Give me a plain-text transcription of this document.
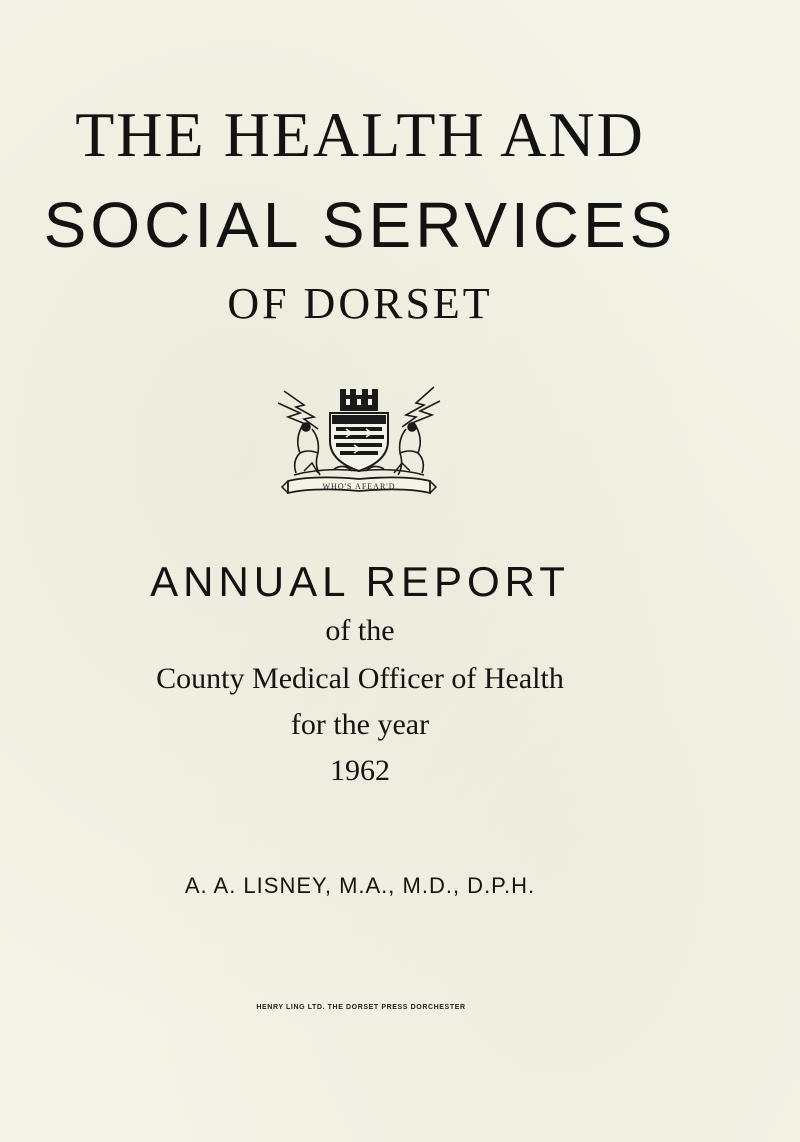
THE HEALTH AND
SOCIAL SERVICES
OF DORSET
WHO'S AFEAR'D
ANNUAL REPORT
of the
County Medical Officer of Health
for the year
1962
A. A. LISNEY, M.A., M.D., D.P.H.
HENRY LING LTD. THE DORSET PRESS DORCHESTER
